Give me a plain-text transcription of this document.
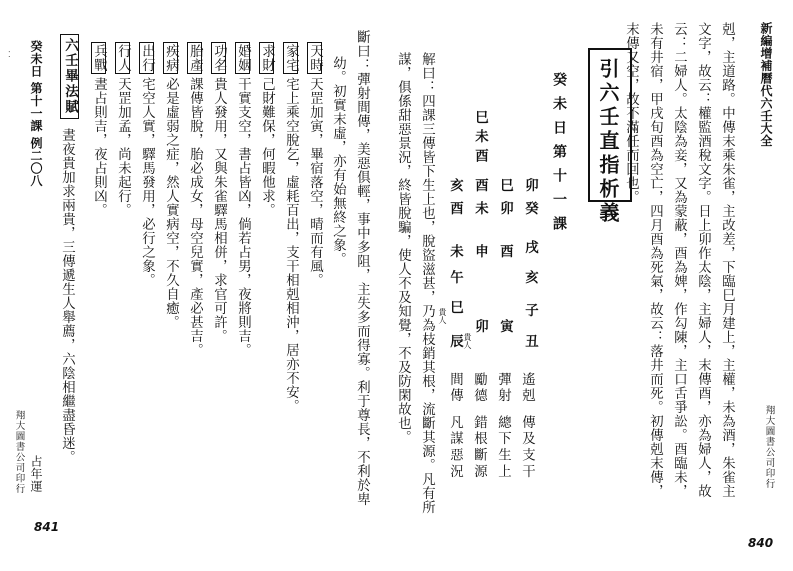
新編增補曆代六壬大全
翔大圖書公司印行
840
剋，主道路。中傳末乘朱雀，主改差，下臨巳月建上，主權，未為酒，朱雀主
文字，故云：權監酒稅文字。日上卯作太陰，主婦人，末傳酉，亦為婦人，故
云：二婦人。太陰為妾，又為蒙蔽，酉為婢，作勾陳，主口舌爭訟。酉臨未，
未有井宿，甲戌旬酉為空亡，四月酉為死氣，故云：落井而死。初傳剋末傳，
末傳又空，故不滿任而回也。
引六壬直指析義
癸未日第十一課
卯癸
戌
亥
子
丑
巳卯
酉
寅
巳未酉
酉未
申
卯
貴人
亥酉
未
午
巳
貴人
辰
遙剋
傳及支干
彈射
總下生上
勵德
錯根斷源
間傳
凡謀惡況
解曰：四課三傳皆下生上也，脫盜滋甚，乃為枝銷其根，流斷其源。凡有所
謀，俱係甜惡景況，終皆脫騙，使人不及知覺，不及防閑故也。
癸未日 第十一課 例二〇八
占年運
翔大圖書公司印行
841
斷曰：彈射間傳，美惡俱輕，事中多阻，主失多而得寡。利于尊長，不利於卑
幼。初實末虛，亦有始無終之象。
天時天罡加寅，畢宿落空，晴而有風。
家宅宅上乘空脫乞，虛耗百出，支干相剋相沖，居亦不安。
求財己財難保，何暇他求。
婚姻干實支空，書占皆凶，倘若占男，夜將則吉。
功名貴人發用，又與朱雀驛馬相併，求官可許。
胎產課傳皆脫，胎必成女，母空兒實，產必甚吉。
疾病必是虛弱之症，然人實病空，不久自癒。
出行宅空人實，驛馬發用，必行之象。
行人天罡加孟，尚未起行。
兵戰晝占則吉，夜占則凶。
六壬畢法賦
晝夜貴加求兩貴，三傳遞生人舉薦，六陰相繼盡昏迷。
⁚
